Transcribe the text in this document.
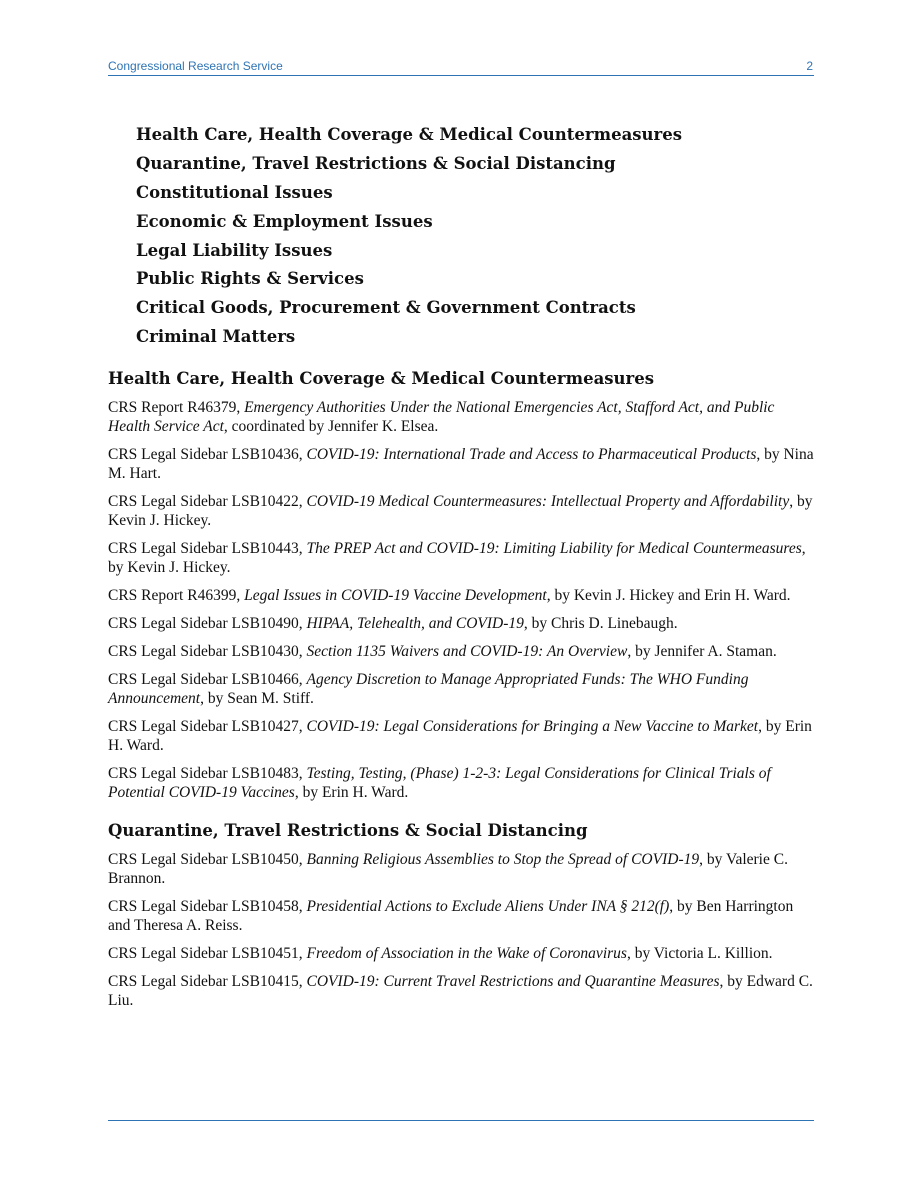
Congressional Research Service	2
Health Care, Health Coverage & Medical Countermeasures
Quarantine, Travel Restrictions & Social Distancing
Constitutional Issues
Economic & Employment Issues
Legal Liability Issues
Public Rights & Services
Critical Goods, Procurement & Government Contracts
Criminal Matters
Health Care, Health Coverage & Medical Countermeasures

CRS Report R46379, Emergency Authorities Under the National Emergencies Act, Stafford Act, and Public Health Service Act, coordinated by Jennifer K. Elsea.

CRS Legal Sidebar LSB10436, COVID-19: International Trade and Access to Pharmaceutical Products, by Nina M. Hart.

CRS Legal Sidebar LSB10422, COVID-19 Medical Countermeasures: Intellectual Property and Affordability, by Kevin J. Hickey.

CRS Legal Sidebar LSB10443, The PREP Act and COVID-19: Limiting Liability for Medical Countermeasures, by Kevin J. Hickey.

CRS Report R46399, Legal Issues in COVID-19 Vaccine Development, by Kevin J. Hickey and Erin H. Ward.

CRS Legal Sidebar LSB10490, HIPAA, Telehealth, and COVID-19, by Chris D. Linebaugh.

CRS Legal Sidebar LSB10430, Section 1135 Waivers and COVID-19: An Overview, by Jennifer A. Staman.

CRS Legal Sidebar LSB10466, Agency Discretion to Manage Appropriated Funds: The WHO Funding Announcement, by Sean M. Stiff.

CRS Legal Sidebar LSB10427, COVID-19: Legal Considerations for Bringing a New Vaccine to Market, by Erin H. Ward.

CRS Legal Sidebar LSB10483, Testing, Testing, (Phase) 1-2-3: Legal Considerations for Clinical Trials of Potential COVID-19 Vaccines, by Erin H. Ward.

Quarantine, Travel Restrictions & Social Distancing

CRS Legal Sidebar LSB10450, Banning Religious Assemblies to Stop the Spread of COVID-19, by Valerie C. Brannon.

CRS Legal Sidebar LSB10458, Presidential Actions to Exclude Aliens Under INA § 212(f), by Ben Harrington and Theresa A. Reiss.

CRS Legal Sidebar LSB10451, Freedom of Association in the Wake of Coronavirus, by Victoria L. Killion.

CRS Legal Sidebar LSB10415, COVID-19: Current Travel Restrictions and Quarantine Measures, by Edward C. Liu.
